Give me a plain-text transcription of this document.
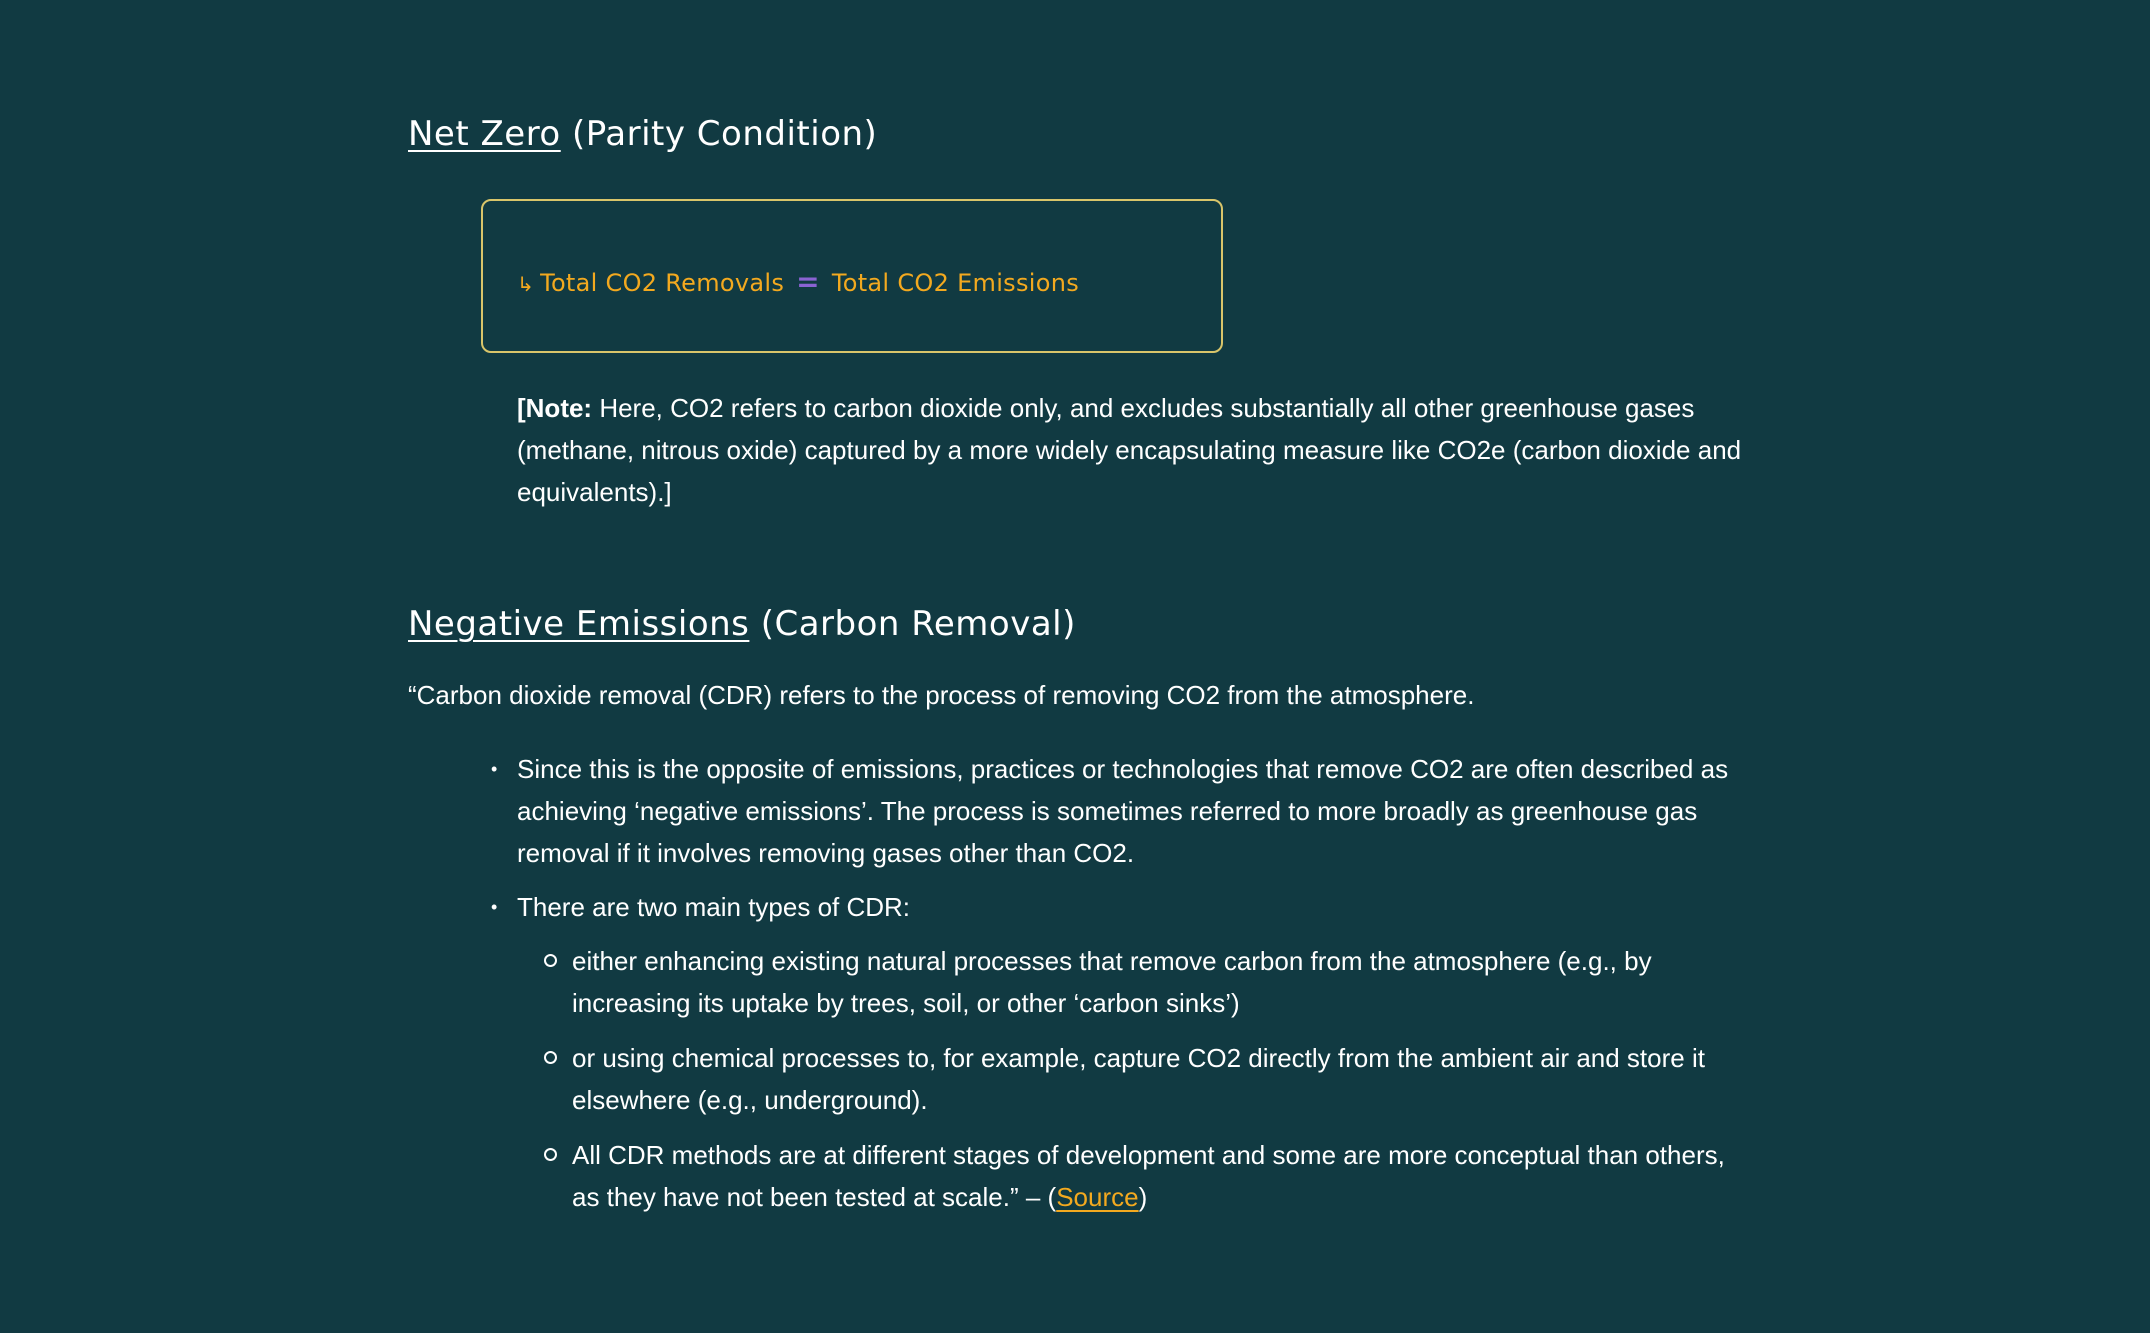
Net Zero (Parity Condition)
↳ Total CO2 Removals = Total CO2 Emissions
[Note: Here, CO2 refers to carbon dioxide only, and excludes substantially all other greenhouse gases (methane, nitrous oxide) captured by a more widely encapsulating measure like CO2e (carbon dioxide and equivalents).]
Negative Emissions (Carbon Removal)
“Carbon dioxide removal (CDR) refers to the process of removing CO2 from the atmosphere.
• Since this is the opposite of emissions, practices or technologies that remove CO2 are often described as achieving ‘negative emissions’. The process is sometimes referred to more broadly as greenhouse gas removal if it involves removing gases other than CO2.
• There are two main types of CDR:
either enhancing existing natural processes that remove carbon from the atmosphere (e.g., by increasing its uptake by trees, soil, or other ‘carbon sinks’)
or using chemical processes to, for example, capture CO2 directly from the ambient air and store it elsewhere (e.g., underground).
All CDR methods are at different stages of development and some are more conceptual than others, as they have not been tested at scale.” – (Source)
